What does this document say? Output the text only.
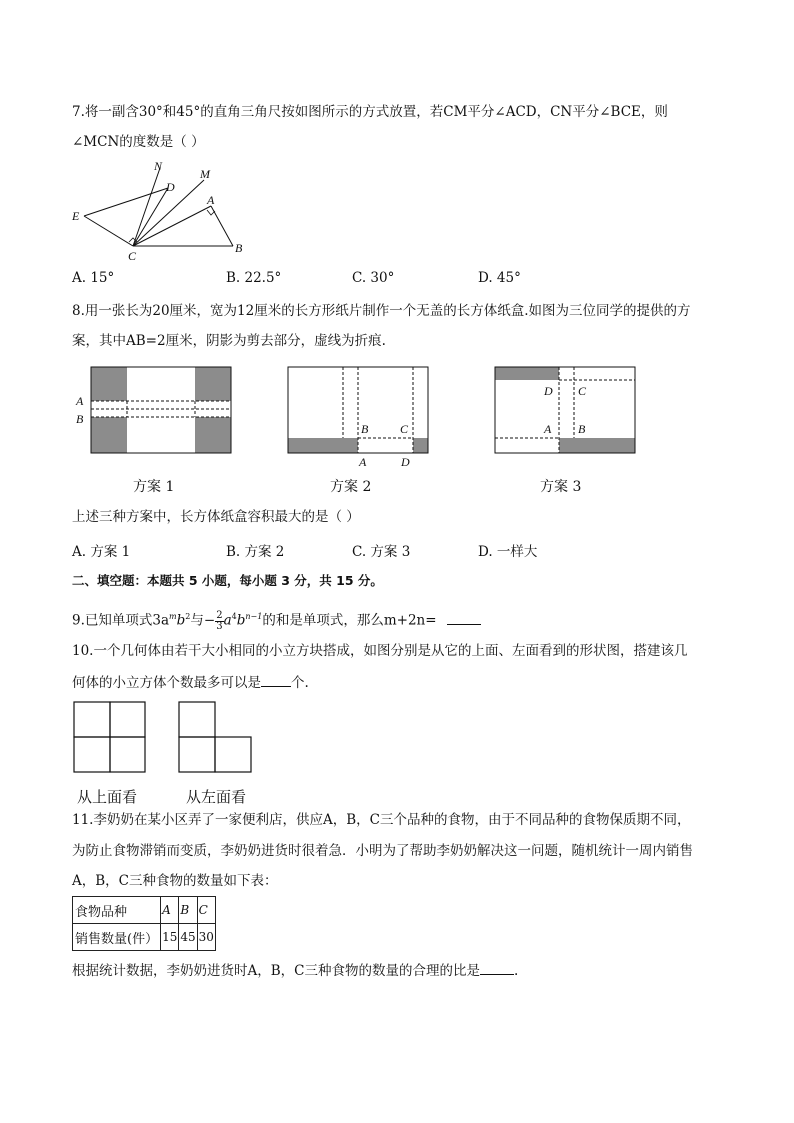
7.将一副含30°和45°的直角三角尺按如图所示的方式放置，若CM平分∠ACD，CN平分∠BCE，则
∠MCN的度数是（ ）
N
M
D
A
E
C
B
A. 15°	B. 22.5°	C. 30°	D. 45°
8.用一张长为20厘米，宽为12厘米的长方形纸片制作一个无盖的长方体纸盒.如图为三位同学的提供的方
案，其中AB=2厘米，阴影为剪去部分，虚线为折痕.
A
B
方案 1
B	C
A	D
方案 2
D C
A B
方案 3
上述三种方案中，长方体纸盒容积最大的是（ ）
A. 方案 1	B. 方案 2	C. 方案 3	D. 一样大
二、填空题：本题共 5 小题，每小题 3 分，共 15 分。
9.已知单项式$3a^mb^2$与− $\frac{2}{3} a^4b^{n-1}$的和是单项式，那么m+2n=
10.一个几何体由若干大小相同的小立方块搭成，如图分别是从它的上面、左面看到的形状图，搭建该几
何体的小立方体个数最多可以是 个.
从上面看	从左面看
11.李奶奶在某小区弄了一家便利店，供应A，B，C三个品种的食物，由于不同品种的食物保质期不同，
为防止食物滞销而变质，李奶奶进货时很着急．小明为了帮助李奶奶解决这一问题，随机统计一周内销售
A，B，C三种食物的数量如下表：
食物品种	A	B	C
销售数量(件）	15	45	30
根据统计数据，李奶奶进货时A，B，C三种食物的数量的合理的比是	.
